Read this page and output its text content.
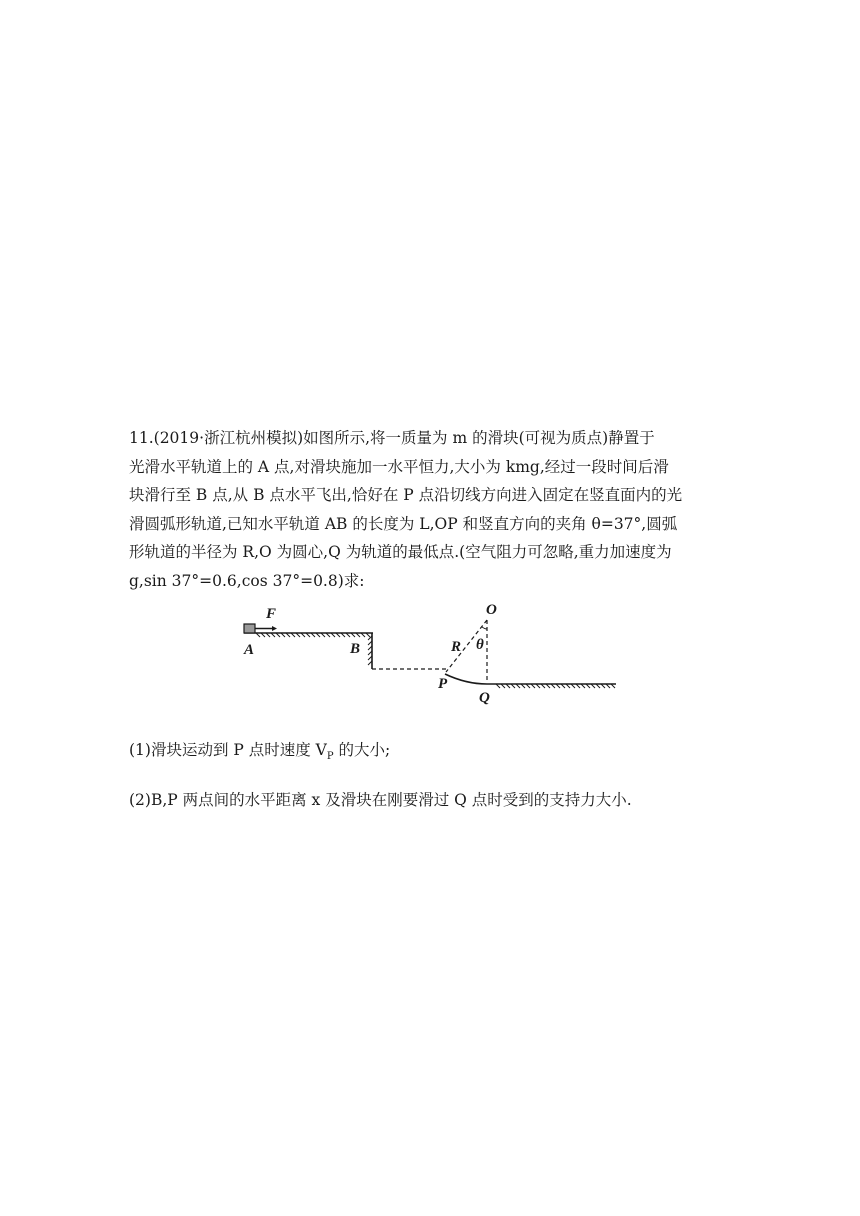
11.(2019·浙江杭州模拟)如图所示,将一质量为 m 的滑块(可视为质点)静置于

光滑水平轨道上的 A 点,对滑块施加一水平恒力,大小为 kmg,经过一段时间后滑

块滑行至 B 点,从 B 点水平飞出,恰好在 P 点沿切线方向进入固定在竖直面内的光

滑圆弧形轨道,已知水平轨道 AB 的长度为 L,OP 和竖直方向的夹角 θ=37°,圆弧

形轨道的半径为 R,O 为圆心,Q 为轨道的最低点.(空气阻力可忽略,重力加速度为

g,sin 37°=0.6,cos 37°=0.8)求:

F
A	B
O
R θ
P
Q
(1)滑块运动到 P 点时速度 $V_P$ 的大小;
(2)B,P 两点间的水平距离 x 及滑块在刚要滑过 Q 点时受到的支持力大小.
